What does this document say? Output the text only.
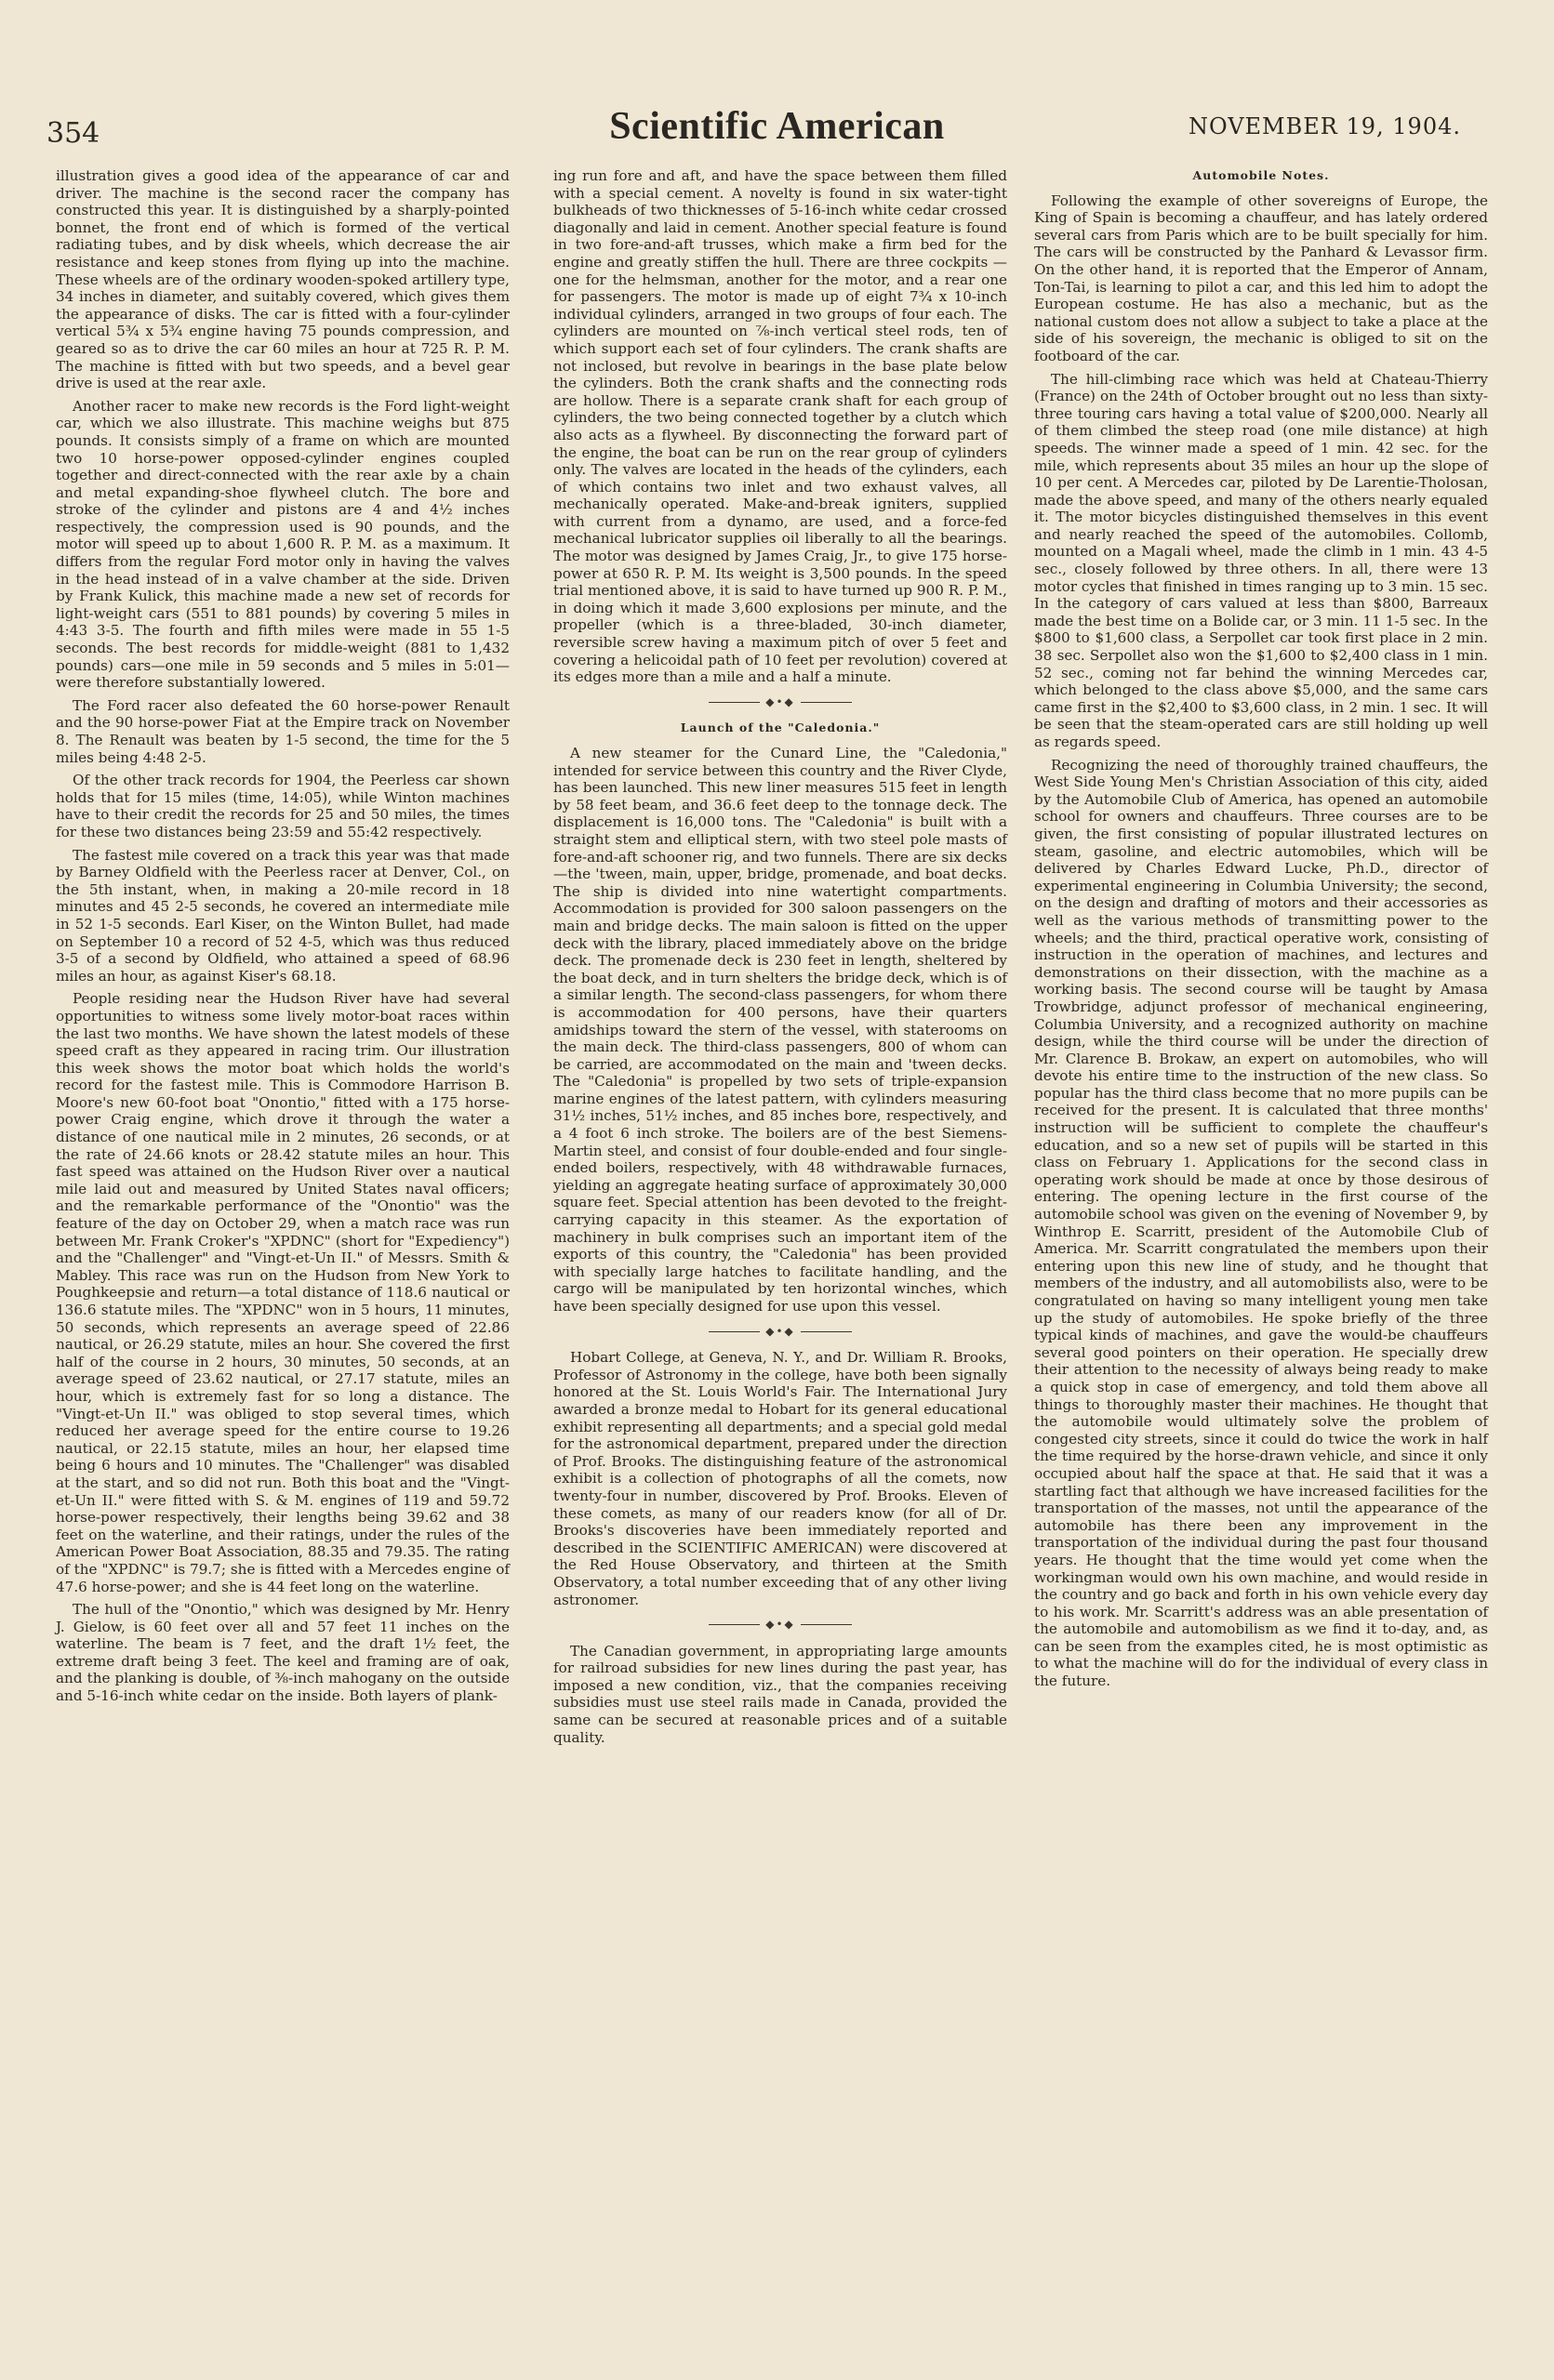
354	Scientific American	NOVEMBER 19, 1904.

illustration gives a good idea of the appearance of car and driver. The machine is the second racer the company has constructed this year. It is distinguished by a sharply-pointed bonnet, the front end of which is formed of the vertical radiating tubes, and by disk wheels, which decrease the air resistance and keep stones from flying up into the machine. These wheels are of the ordinary wooden-spoked artillery type, 34 inches in diameter, and suitably covered, which gives them the appearance of disks. The car is fitted with a four-cylinder vertical 5¾ x 5¾ engine having 75 pounds compression, and geared so as to drive the car 60 miles an hour at 725 R. P. M. The machine is fitted with but two speeds, and a bevel gear drive is used at the rear axle.

Another racer to make new records is the Ford light-weight car, which we also illustrate. This machine weighs but 875 pounds. It consists simply of a frame on which are mounted two 10 horse-power opposed-cylinder engines coupled together and direct-connected with the rear axle by a chain and metal expanding-shoe flywheel clutch. The bore and stroke of the cylinder and pistons are 4 and 4½ inches respectively, the compression used is 90 pounds, and the motor will speed up to about 1,600 R. P. M. as a maximum. It differs from the regular Ford motor only in having the valves in the head instead of in a valve chamber at the side. Driven by Frank Kulick, this machine made a new set of records for light-weight cars (551 to 881 pounds) by covering 5 miles in 4:43 3-5. The fourth and fifth miles were made in 55 1-5 seconds. The best records for middle-weight (881 to 1,432 pounds) cars—one mile in 59 seconds and 5 miles in 5:01—were therefore substantially lowered.

The Ford racer also defeated the 60 horse-power Renault and the 90 horse-power Fiat at the Empire track on November 8. The Renault was beaten by 1-5 second, the time for the 5 miles being 4:48 2-5.

Of the other track records for 1904, the Peerless car shown holds that for 15 miles (time, 14:05), while Winton machines have to their credit the records for 25 and 50 miles, the times for these two distances being 23:59 and 55:42 respectively.

The fastest mile covered on a track this year was that made by Barney Oldfield with the Peerless racer at Denver, Col., on the 5th instant, when, in making a 20-mile record in 18 minutes and 45 2-5 seconds, he covered an intermediate mile in 52 1-5 seconds. Earl Kiser, on the Winton Bullet, had made on September 10 a record of 52 4-5, which was thus reduced 3-5 of a second by Oldfield, who attained a speed of 68.96 miles an hour, as against Kiser's 68.18.

People residing near the Hudson River have had several opportunities to witness some lively motor-boat races within the last two months. We have shown the latest models of these speed craft as they appeared in racing trim. Our illustration this week shows the motor boat which holds the world's record for the fastest mile. This is Commodore Harrison B. Moore's new 60-foot boat "Onontio," fitted with a 175 horse-power Craig engine, which drove it through the water a distance of one nautical mile in 2 minutes, 26 seconds, or at the rate of 24.66 knots or 28.42 statute miles an hour. This fast speed was attained on the Hudson River over a nautical mile laid out and measured by United States naval officers; and the remarkable performance of the "Onontio" was the feature of the day on October 29, when a match race was run between Mr. Frank Croker's "XPDNC" (short for "Expediency") and the "Challenger" and "Vingt-et-Un II." of Messrs. Smith & Mabley. This race was run on the Hudson from New York to Poughkeepsie and return—a total distance of 118.6 nautical or 136.6 statute miles. The "XPDNC" won in 5 hours, 11 minutes, 50 seconds, which represents an average speed of 22.86 nautical, or 26.29 statute, miles an hour. She covered the first half of the course in 2 hours, 30 minutes, 50 seconds, at an average speed of 23.62 nautical, or 27.17 statute, miles an hour, which is extremely fast for so long a distance. The "Vingt-et-Un II." was obliged to stop several times, which reduced her average speed for the entire course to 19.26 nautical, or 22.15 statute, miles an hour, her elapsed time being 6 hours and 10 minutes. The "Challenger" was disabled at the start, and so did not run. Both this boat and the "Vingt-et-Un II." were fitted with S. & M. engines of 119 and 59.72 horse-power respectively, their lengths being 39.62 and 38 feet on the waterline, and their ratings, under the rules of the American Power Boat Association, 88.35 and 79.35. The rating of the "XPDNC" is 79.7; she is fitted with a Mercedes engine of 47.6 horse-power; and she is 44 feet long on the waterline.

The hull of the "Onontio," which was designed by Mr. Henry J. Gielow, is 60 feet over all and 57 feet 11 inches on the waterline. The beam is 7 feet, and the draft 1½ feet, the extreme draft being 3 feet. The keel and framing are of oak, and the planking is double, of ⅜-inch mahogany on the outside and 5-16-inch white cedar on the inside. Both layers of plank-

ing run fore and aft, and have the space between them filled with a special cement. A novelty is found in six water-tight bulkheads of two thicknesses of 5-16-inch white cedar crossed diagonally and laid in cement. Another special feature is found in two fore-and-aft trusses, which make a firm bed for the engine and greatly stiffen the hull. There are three cockpits —one for the helmsman, another for the motor, and a rear one for passengers. The motor is made up of eight 7¾ x 10-inch individual cylinders, arranged in two groups of four each. The cylinders are mounted on ⅞-inch vertical steel rods, ten of which support each set of four cylinders. The crank shafts are not inclosed, but revolve in bearings in the base plate below the cylinders. Both the crank shafts and the connecting rods are hollow. There is a separate crank shaft for each group of cylinders, the two being connected together by a clutch which also acts as a flywheel. By disconnecting the forward part of the engine, the boat can be run on the rear group of cylinders only. The valves are located in the heads of the cylinders, each of which contains two inlet and two exhaust valves, all mechanically operated. Make-and-break igniters, supplied with current from a dynamo, are used, and a force-fed mechanical lubricator supplies oil liberally to all the bearings. The motor was designed by James Craig, Jr., to give 175 horse-power at 650 R. P. M. Its weight is 3,500 pounds. In the speed trial mentioned above, it is said to have turned up 900 R. P. M., in doing which it made 3,600 explosions per minute, and the propeller (which is a three-bladed, 30-inch diameter, reversible screw having a maximum pitch of over 5 feet and covering a helicoidal path of 10 feet per revolution) covered at its edges more than a mile and a half a minute.

◆•◆
Launch of the "Caledonia."

A new steamer for the Cunard Line, the "Caledonia," intended for service between this country and the River Clyde, has been launched. This new liner measures 515 feet in length by 58 feet beam, and 36.6 feet deep to the tonnage deck. The displacement is 16,000 tons. The "Caledonia" is built with a straight stem and elliptical stern, with two steel pole masts of fore-and-aft schooner rig, and two funnels. There are six decks —the 'tween, main, upper, bridge, promenade, and boat decks. The ship is divided into nine watertight compartments. Accommodation is provided for 300 saloon passengers on the main and bridge decks. The main saloon is fitted on the upper deck with the library, placed immediately above on the bridge deck. The promenade deck is 230 feet in length, sheltered by the boat deck, and in turn shelters the bridge deck, which is of a similar length. The second-class passengers, for whom there is accommodation for 400 persons, have their quarters amidships toward the stern of the vessel, with staterooms on the main deck. The third-class passengers, 800 of whom can be carried, are accommodated on the main and 'tween decks. The "Caledonia" is propelled by two sets of triple-expansion marine engines of the latest pattern, with cylinders measuring 31½ inches, 51½ inches, and 85 inches bore, respectively, and a 4 foot 6 inch stroke. The boilers are of the best Siemens-Martin steel, and consist of four double-ended and four single-ended boilers, respectively, with 48 withdrawable furnaces, yielding an aggregate heating surface of approximately 30,000 square feet. Special attention has been devoted to the freight-carrying capacity in this steamer. As the exportation of machinery in bulk comprises such an important item of the exports of this country, the "Caledonia" has been provided with specially large hatches to facilitate handling, and the cargo will be manipulated by ten horizontal winches, which have been specially designed for use upon this vessel.

◆•◆

Hobart College, at Geneva, N. Y., and Dr. William R. Brooks, Professor of Astronomy in the college, have both been signally honored at the St. Louis World's Fair. The International Jury awarded a bronze medal to Hobart for its general educational exhibit representing all departments; and a special gold medal for the astronomical department, prepared under the direction of Prof. Brooks. The distinguishing feature of the astronomical exhibit is a collection of photographs of all the comets, now twenty-four in number, discovered by Prof. Brooks. Eleven of these comets, as many of our readers know (for all of Dr. Brooks's discoveries have been immediately reported and described in the SCIENTIFIC AMERICAN) were discovered at the Red House Observatory, and thirteen at the Smith Observatory, a total number exceeding that of any other living astronomer.

◆•◆

The Canadian government, in appropriating large amounts for railroad subsidies for new lines during the past year, has imposed a new condition, viz., that the companies receiving subsidies must use steel rails made in Canada, provided the same can be secured at reasonable prices and of a suitable quality.

Automobile Notes.

Following the example of other sovereigns of Europe, the King of Spain is becoming a chauffeur, and has lately ordered several cars from Paris which are to be built specially for him. The cars will be constructed by the Panhard & Levassor firm. On the other hand, it is reported that the Emperor of Annam, Ton-Tai, is learning to pilot a car, and this led him to adopt the European costume. He has also a mechanic, but as the national custom does not allow a subject to take a place at the side of his sovereign, the mechanic is obliged to sit on the footboard of the car.

The hill-climbing race which was held at Chateau-Thierry (France) on the 24th of October brought out no less than sixty-three touring cars having a total value of $200,000. Nearly all of them climbed the steep road (one mile distance) at high speeds. The winner made a speed of 1 min. 42 sec. for the mile, which represents about 35 miles an hour up the slope of 10 per cent. A Mercedes car, piloted by De Larentie-Tholosan, made the above speed, and many of the others nearly equaled it. The motor bicycles distinguished themselves in this event and nearly reached the speed of the automobiles. Collomb, mounted on a Magali wheel, made the climb in 1 min. 43 4-5 sec., closely followed by three others. In all, there were 13 motor cycles that finished in times ranging up to 3 min. 15 sec. In the category of cars valued at less than $800, Barreaux made the best time on a Bolide car, or 3 min. 11 1-5 sec. In the $800 to $1,600 class, a Serpollet car took first place in 2 min. 38 sec. Serpollet also won the $1,600 to $2,400 class in 1 min. 52 sec., coming not far behind the winning Mercedes car, which belonged to the class above $5,000, and the same cars came first in the $2,400 to $3,600 class, in 2 min. 1 sec. It will be seen that the steam-operated cars are still holding up well as regards speed.

Recognizing the need of thoroughly trained chauffeurs, the West Side Young Men's Christian Association of this city, aided by the Automobile Club of America, has opened an automobile school for owners and chauffeurs. Three courses are to be given, the first consisting of popular illustrated lectures on steam, gasoline, and electric automobiles, which will be delivered by Charles Edward Lucke, Ph.D., director of experimental engineering in Columbia University; the second, on the design and drafting of motors and their accessories as well as the various methods of transmitting power to the wheels; and the third, practical operative work, consisting of instruction in the operation of machines, and lectures and demonstrations on their dissection, with the machine as a working basis. The second course will be taught by Amasa Trowbridge, adjunct professor of mechanical engineering, Columbia University, and a recognized authority on machine design, while the third course will be under the direction of Mr. Clarence B. Brokaw, an expert on automobiles, who will devote his entire time to the instruction of the new class. So popular has the third class become that no more pupils can be received for the present. It is calculated that three months' instruction will be sufficient to complete the chauffeur's education, and so a new set of pupils will be started in this class on February 1. Applications for the second class in operating work should be made at once by those desirous of entering. The opening lecture in the first course of the automobile school was given on the evening of November 9, by Winthrop E. Scarritt, president of the Automobile Club of America. Mr. Scarritt congratulated the members upon their entering upon this new line of study, and he thought that members of the industry, and all automobilists also, were to be congratulated on having so many intelligent young men take up the study of automobiles. He spoke briefly of the three typical kinds of machines, and gave the would-be chauffeurs several good pointers on their operation. He specially drew their attention to the necessity of always being ready to make a quick stop in case of emergency, and told them above all things to thoroughly master their machines. He thought that the automobile would ultimately solve the problem of congested city streets, since it could do twice the work in half the time required by the horse-drawn vehicle, and since it only occupied about half the space at that. He said that it was a startling fact that although we have increased facilities for the transportation of the masses, not until the appearance of the automobile has there been any improvement in the transportation of the individual during the past four thousand years. He thought that the time would yet come when the workingman would own his own machine, and would reside in the country and go back and forth in his own vehicle every day to his work. Mr. Scarritt's address was an able presentation of the automobile and automobilism as we find it to-day, and, as can be seen from the examples cited, he is most optimistic as to what the machine will do for the individual of every class in the future.
